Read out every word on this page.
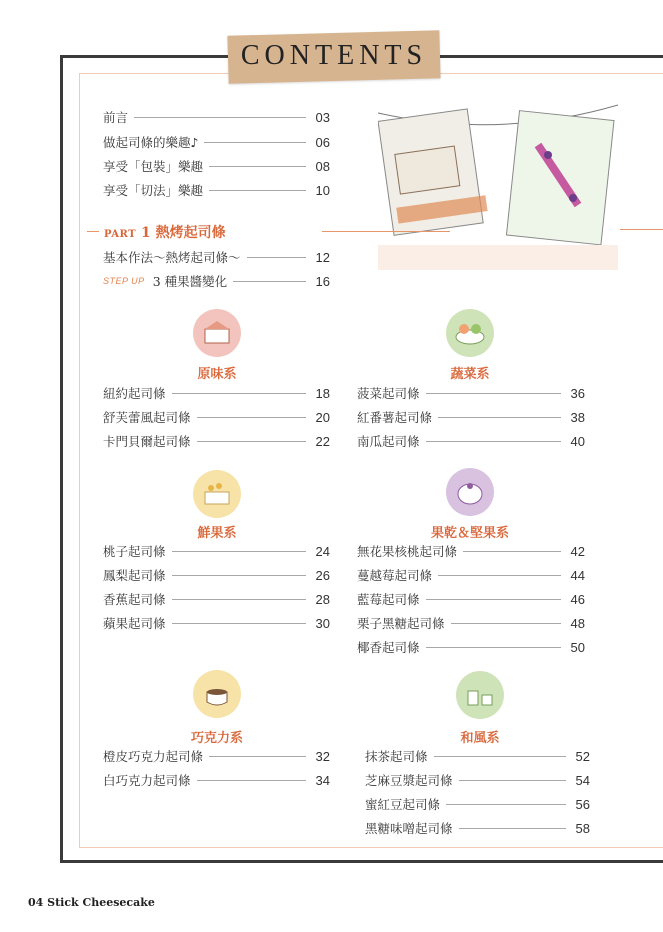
CONTENTS
前言	03
做起司條的樂趣♪	06
享受「包裝」樂趣	08
享受「切法」樂趣	10
PART 1 熱烤起司條
基本作法～熱烤起司條～	12
STEP UP 3 種果醬變化	16
原味系	蔬菜系
鮮果系	果乾＆堅果系
巧克力系	和風系
紐約起司條	18
舒芙蕾風起司條	20
卡門貝爾起司條	22
菠菜起司條	36
紅番薯起司條	38
南瓜起司條	40
桃子起司條	24
鳳梨起司條	26
香蕉起司條	28
蘋果起司條	30
無花果核桃起司條	42
蔓越莓起司條	44
藍莓起司條	46
栗子黑糖起司條	48
椰香起司條	50
橙皮巧克力起司條	32
白巧克力起司條	34
抹茶起司條	52
芝麻豆漿起司條	54
蜜紅豆起司條	56
黑糖味噌起司條	58
04 Stick Cheesecake
